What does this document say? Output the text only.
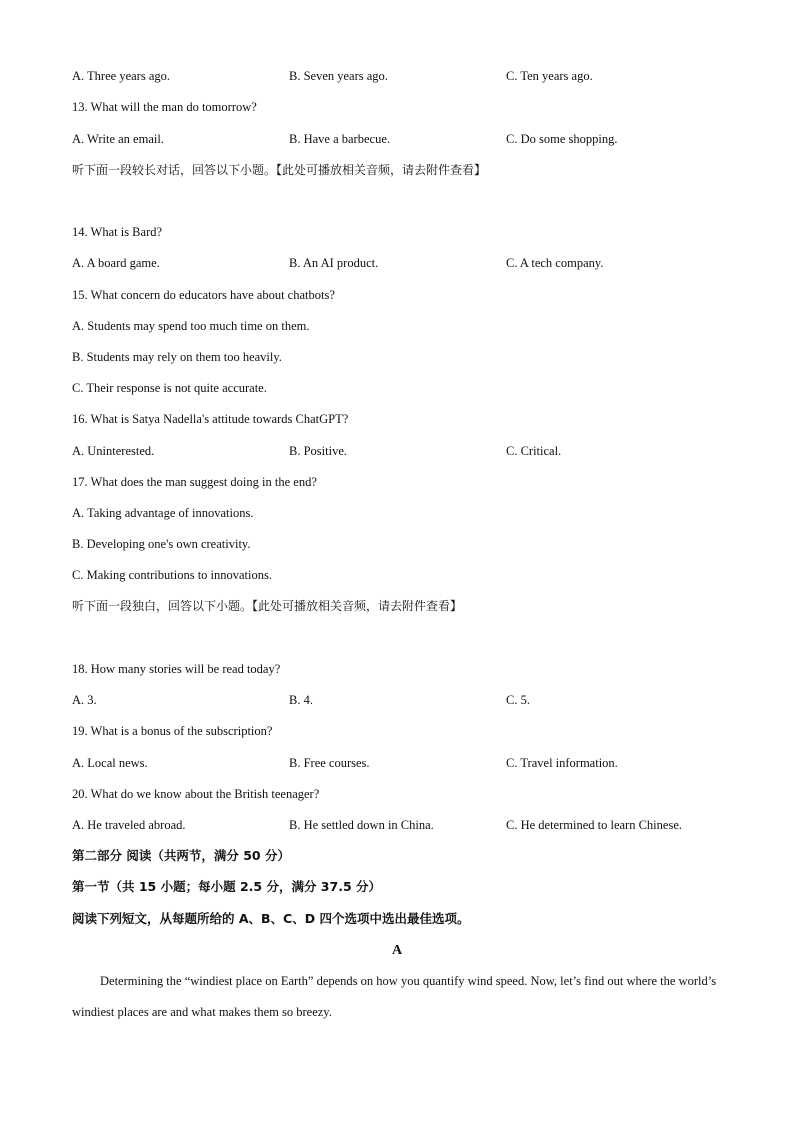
A. Three years ago.	B. Seven years ago.	C. Ten years ago.
13. What will the man do tomorrow?
A. Write an email.	B. Have a barbecue.	C. Do some shopping.
听下面一段较长对话，回答以下小题。【此处可播放相关音频，请去附件查看】
14. What is Bard?
A. A board game.	B. An AI product.	C. A tech company.
15. What concern do educators have about chatbots?
A. Students may spend too much time on them.
B. Students may rely on them too heavily.
C. Their response is not quite accurate.
16. What is Satya Nadella's attitude towards ChatGPT?
A. Uninterested.	B. Positive.	C. Critical.
17. What does the man suggest doing in the end?
A. Taking advantage of innovations.
B. Developing one's own creativity.
C. Making contributions to innovations.
听下面一段独白，回答以下小题。【此处可播放相关音频，请去附件查看】
18. How many stories will be read today?
A. 3.	B. 4.	C. 5.
19. What is a bonus of the subscription?
A. Local news.	B. Free courses.	C. Travel information.
20. What do we know about the British teenager?
A. He traveled abroad.	B. He settled down in China.	C. He determined to learn Chinese.
第二部分 阅读（共两节，满分 50 分）
第一节（共 15 小题；每小题 2.5 分，满分 37.5 分）
阅读下列短文，从每题所给的 A、B、C、D 四个选项中选出最佳选项。
A
Determining the “windiest place on Earth” depends on how you quantify wind speed. Now, let’s find out where the world’s windiest places are and what makes them so breezy.
